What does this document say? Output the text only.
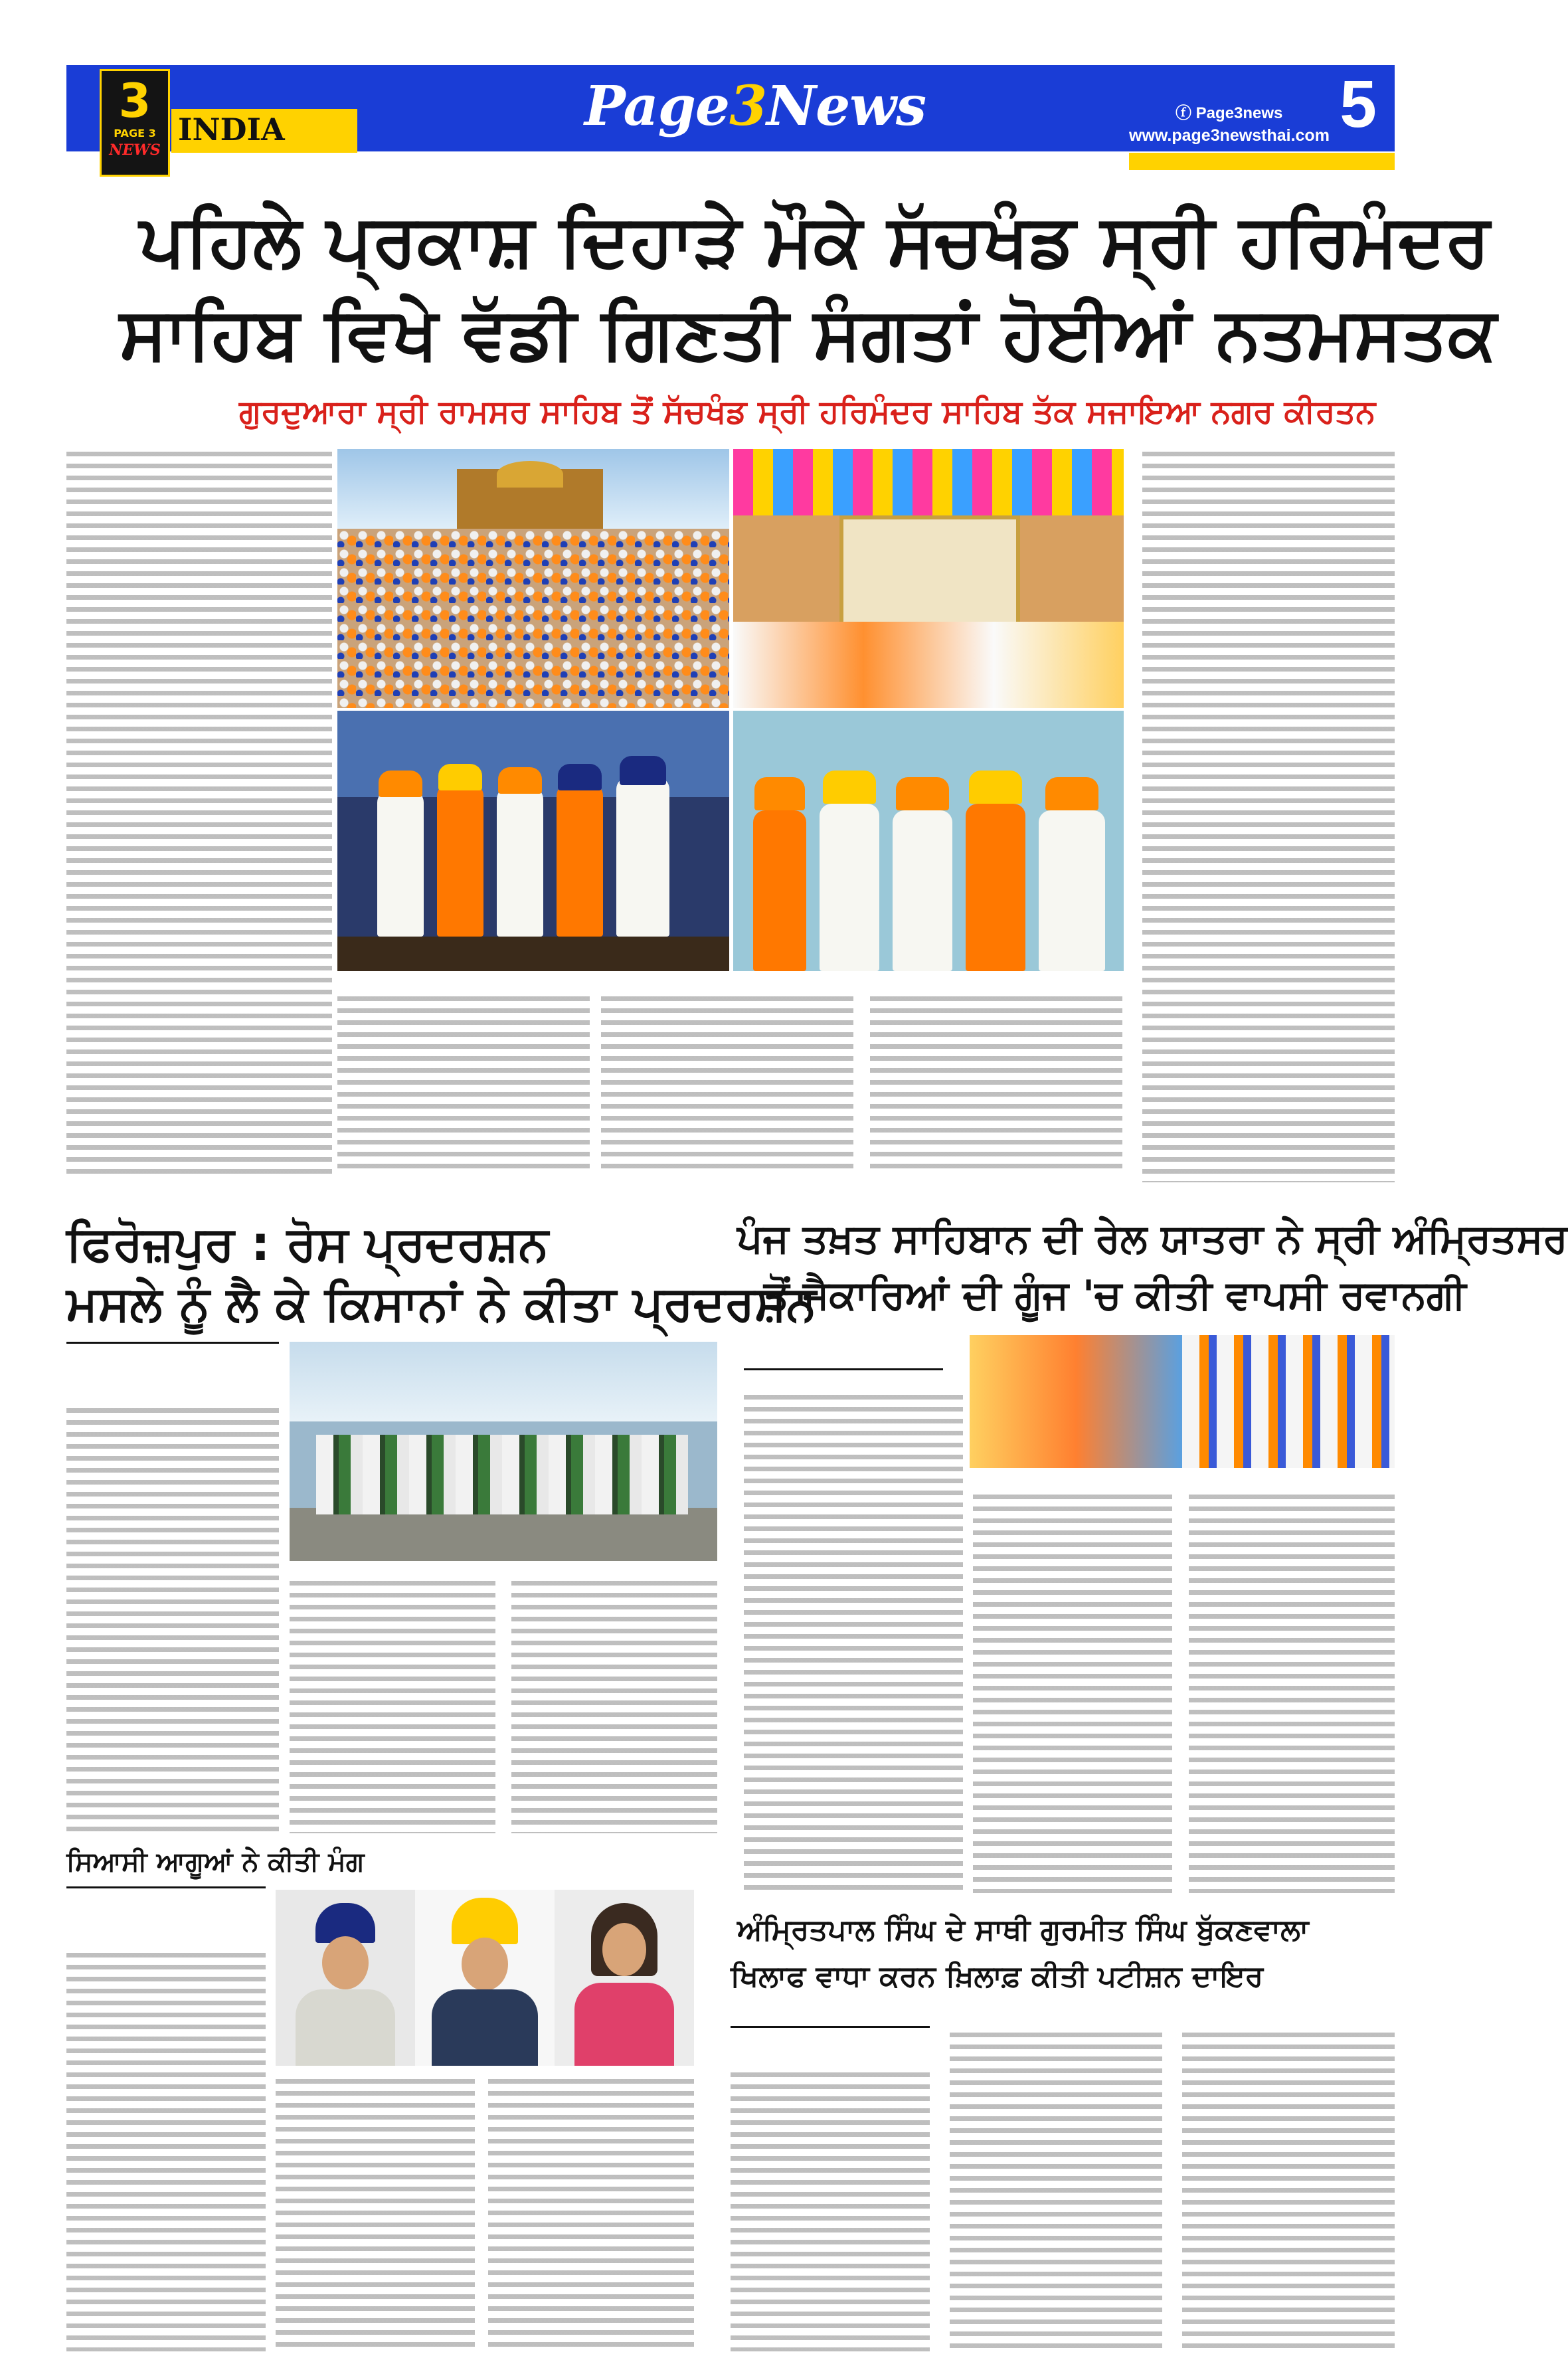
INDIA
3
PAGE 3
NEWS
Page3News	ⓕ Page3news
www.page3newsthai.com 5
ਪਹਿਲੇ ਪ੍ਰਕਾਸ਼ ਦਿਹਾੜੇ ਮੌਕੇ ਸੱਚਖੰਡ ਸ੍ਰੀ ਹਰਿਮੰਦਰ
ਸਾਹਿਬ ਵਿਖੇ ਵੱਡੀ ਗਿਣਤੀ ਸੰਗਤਾਂ ਹੋਈਆਂ ਨਤਮਸਤਕ
ਗੁਰਦੁਆਰਾ ਸ੍ਰੀ ਰਾਮਸਰ ਸਾਹਿਬ ਤੋਂ ਸੱਚਖੰਡ ਸ੍ਰੀ ਹਰਿਮੰਦਰ ਸਾਹਿਬ ਤੱਕ ਸਜਾਇਆ ਨਗਰ ਕੀਰਤਨ
ਫਿਰੋਜ਼ਪੁਰ : ਰੋਸ ਪ੍ਰਦਰਸ਼ਨ
ਮਸਲੇ ਨੂੰ ਲੈ ਕੇ ਕਿਸਾਨਾਂ ਨੇ ਕੀਤਾ ਪ੍ਰਦਰਸ਼ਨ
ਪੰਜ ਤਖ਼ਤ ਸਾਹਿਬਾਨ ਦੀ ਰੇਲ ਯਾਤਰਾ ਨੇ ਸ੍ਰੀ ਅੰਮ੍ਰਿਤਸਰ
ਤੋਂ ਜੈਕਾਰਿਆਂ ਦੀ ਗੂੰਜ 'ਚ ਕੀਤੀ ਵਾਪਸੀ ਰਵਾਨਗੀ
ਸਿਆਸੀ ਆਗੂਆਂ ਨੇ ਕੀਤੀ ਮੰਗ
ਅੰਮ੍ਰਿਤਪਾਲ ਸਿੰਘ ਦੇ ਸਾਥੀ ਗੁਰਮੀਤ ਸਿੰਘ ਬੁੱਕਣਵਾਲਾ
ਖਿਲਾਫ ਵਾਧਾ ਕਰਨ ਖ਼ਿਲਾਫ਼ ਕੀਤੀ ਪਟੀਸ਼ਨ ਦਾਇਰ
